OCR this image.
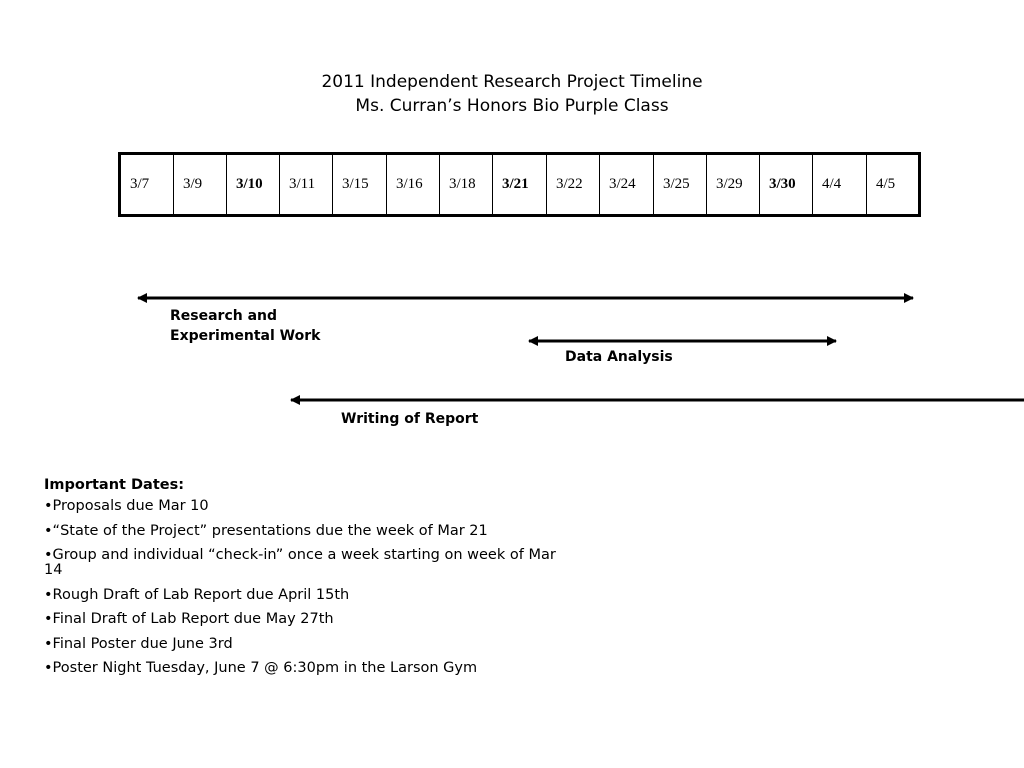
2011 Independent Research Project Timeline
Ms. Curran’s Honors Bio Purple Class
3/7	3/9	3/10	3/11	3/15	3/16	3/18	3/21	3/22	3/24	3/25	3/29	3/30	4/4	4/5
Research and Experimental Work
Data Analysis
Writing of Report
Important Dates:
•Proposals due Mar 10
•“State of the Project” presentations due the week of Mar 21
•Group and individual “check-in” once a week starting on week of Mar 14
•Rough Draft of Lab Report due April 15th
•Final Draft of Lab Report due May 27th
•Final Poster due June 3rd
•Poster Night Tuesday, June 7 @ 6:30pm in the Larson Gym
